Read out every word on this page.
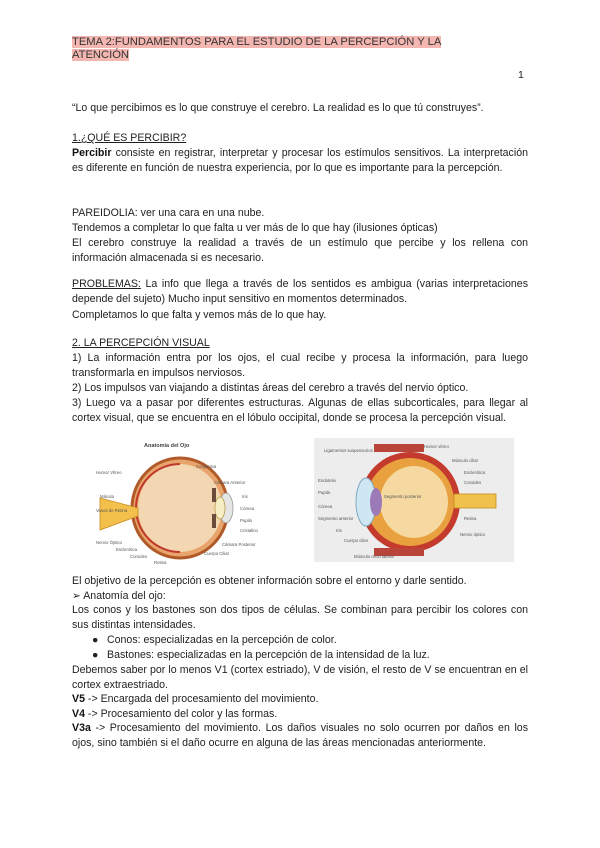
TEMA 2:FUNDAMENTOS PARA EL ESTUDIO DE LA PERCEPCIÓN Y LA ATENCIÓN
1
“Lo que percibimos es lo que construye el cerebro. La realidad es lo que tú construyes”.
1.¿QUÉ ES PERCIBIR?
Percibir consiste en registrar, interpretar y procesar los estímulos sensitivos. La interpretación es diferente en función de nuestra experiencia, por lo que es importante para la percepción.
PAREIDOLIA: ver una cara en una nube.
Tendemos a completar lo que falta u ver más de lo que hay (ilusiones ópticas)
El cerebro construye la realidad a través de un estímulo que percibe y los rellena con información almacenada si es necesario.
PROBLEMAS: La info que llega a través de los sentidos es ambigua (varias interpretaciones depende del sujeto) Mucho input sensitivo en momentos determinados.
Completamos lo que falta y vemos más de lo que hay.
2. LA PERCEPCIÓN VISUAL
1) La información entra por los ojos, el cual recibe y procesa la información, para luego transformarla en impulsos nerviosos.
2) Los impulsos van viajando a distintas áreas del cerebro a través del nervio óptico.
3) Luego va a pasar por diferentes estructuras. Algunas de ellas subcorticales, para llegar al cortex visual, que se encuentra en el lóbulo occipital, donde se procesa la percepción visual.
Anatomía del Ojo
Humor Vítreo
Mácula
Vasos de Retina
Nervio Óptico
Esclerótica
Coroides
Retina
Conjuntiva
Cámara Anterior
Iris
Córnea
Pupila
Cristalino
Cámara Posterior
Cuerpo Ciliar
Humor vítreo
Ligamentos suspensorios
Músculo ciliar
Esclerótica
Coroides
Retina
Endotelio
Pupila
Córnea
Segmento anterior
Segmento posterior
Nervio óptico
Cuerpo ciliar
Músculo recto lateral
Iris
El objetivo de la percepción es obtener información sobre el entorno y darle sentido.
➢ Anatomía del ojo:
Los conos y los bastones son dos tipos de células. Se combinan para percibir los colores con sus distintas intensidades.
● Conos: especializadas en la percepción de color.
● Bastones: especializadas en la percepción de la intensidad de la luz.
Debemos saber por lo menos V1 (cortex estriado), V de visión, el resto de V se encuentran en el cortex extraestriado.
V5 -> Encargada del procesamiento del movimiento.
V4 -> Procesamiento del color y las formas.
V3a -> Procesamiento del movimiento. Los daños visuales no solo ocurren por daños en los ojos, sino también si el daño ocurre en alguna de las áreas mencionadas anteriormente.
